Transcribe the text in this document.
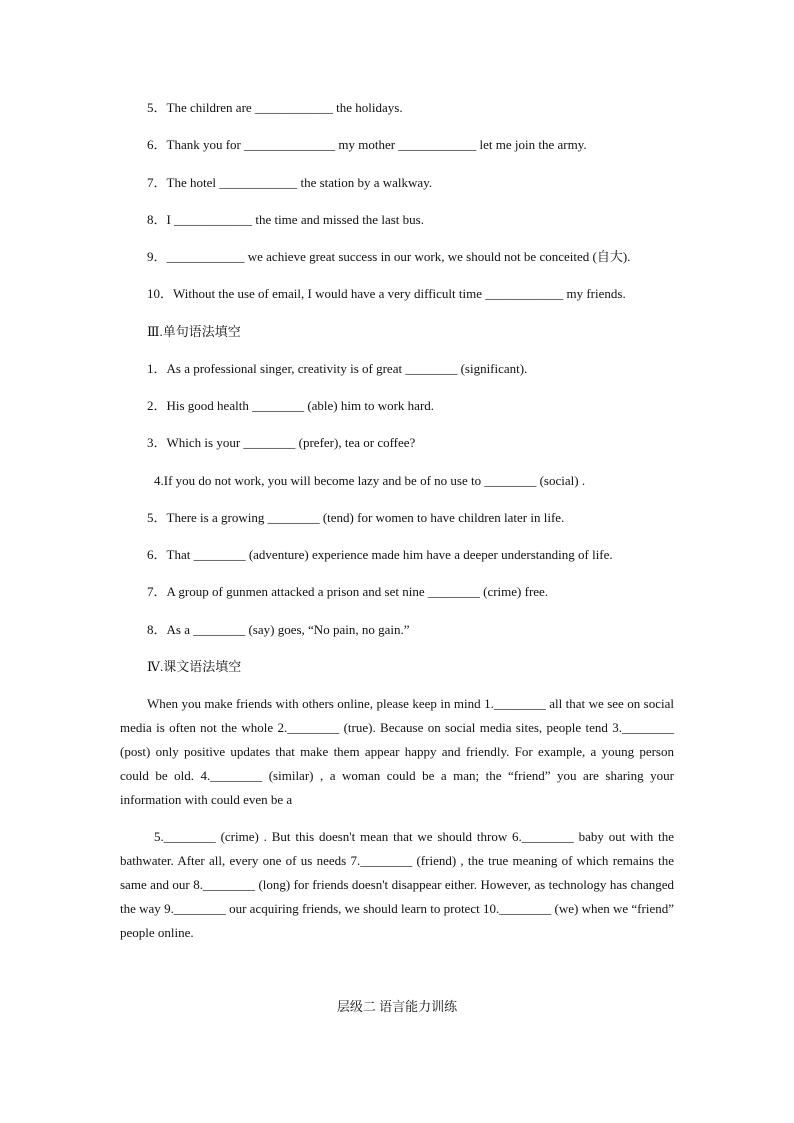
5．The children are ____________ the holidays.
6．Thank you for ______________ my mother ____________ let me join the army.
7．The hotel ____________ the station by a walkway.
8．I ____________ the time and missed the last bus.
9．____________ we achieve great success in our work, we should not be conceited (自大).
10．Without the use of email, I would have a very difficult time ____________ my friends.
Ⅲ.单句语法填空
1．As a professional singer, creativity is of great ________ (significant).
2．His good health ________ (able) him to work hard.
3．Which is your ________ (prefer), tea or coffee?
4.If you do not work, you will become lazy and be of no use to ________ (social) .
5．There is a growing ________ (tend) for women to have children later in life.
6．That ________ (adventure) experience made him have a deeper understanding of life.
7．A group of gunmen attacked a prison and set nine ________ (crime) free.
8．As a ________ (say) goes, “No pain, no gain.”
Ⅳ.课文语法填空
When you make friends with others online, please keep in mind 1.________ all that we see on social media is often not the whole 2.________ (true). Because on social media sites, people tend 3.________ (post) only positive updates that make them appear happy and friendly. For example, a young person could be old. 4.________ (similar) , a woman could be a man; the “friend” you are sharing your information with could even be a
5.________ (crime) . But this doesn't mean that we should throw 6.________ baby out with the bathwater. After all, every one of us needs 7.________ (friend) , the true meaning of which remains the same and our 8.________ (long) for friends doesn't disappear either. However, as technology has changed the way 9.________ our acquiring friends, we should learn to protect 10.________ (we) when we “friend” people online.
层级二 语言能力训练
